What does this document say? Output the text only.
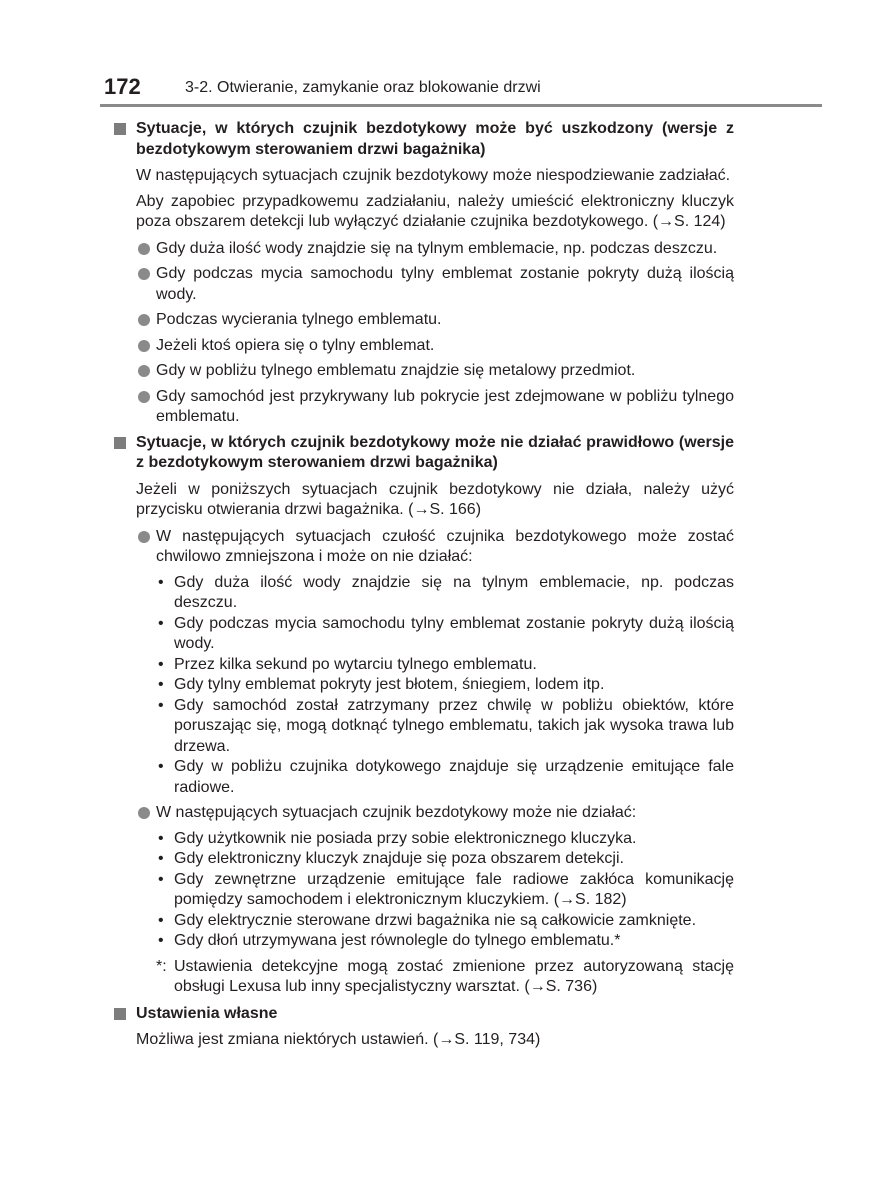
172	3-2. Otwieranie, zamykanie oraz blokowanie drzwi
Sytuacje, w których czujnik bezdotykowy może być uszkodzony (wersje z bezdotykowym sterowaniem drzwi bagażnika)
W następujących sytuacjach czujnik bezdotykowy może niespodziewanie zadziałać.
Aby zapobiec przypadkowemu zadziałaniu, należy umieścić elektroniczny kluczyk poza obszarem detekcji lub wyłączyć działanie czujnika bezdotykowego. (→S. 124)
Gdy duża ilość wody znajdzie się na tylnym emblemacie, np. podczas deszczu.
Gdy podczas mycia samochodu tylny emblemat zostanie pokryty dużą ilością wody.
Podczas wycierania tylnego emblematu.
Jeżeli ktoś opiera się o tylny emblemat.
Gdy w pobliżu tylnego emblematu znajdzie się metalowy przedmiot.
Gdy samochód jest przykrywany lub pokrycie jest zdejmowane w pobliżu tylnego emblematu.
Sytuacje, w których czujnik bezdotykowy może nie działać prawidłowo (wersje z bezdotykowym sterowaniem drzwi bagażnika)
Jeżeli w poniższych sytuacjach czujnik bezdotykowy nie działa, należy użyć przycisku otwierania drzwi bagażnika. (→S. 166)
W następujących sytuacjach czułość czujnika bezdotykowego może zostać chwilowo zmniejszona i może on nie działać:
• Gdy duża ilość wody znajdzie się na tylnym emblemacie, np. podczas deszczu.
• Gdy podczas mycia samochodu tylny emblemat zostanie pokryty dużą ilością wody.
• Przez kilka sekund po wytarciu tylnego emblematu.
• Gdy tylny emblemat pokryty jest błotem, śniegiem, lodem itp.
• Gdy samochód został zatrzymany przez chwilę w pobliżu obiektów, które poruszając się, mogą dotknąć tylnego emblematu, takich jak wysoka trawa lub drzewa.
• Gdy w pobliżu czujnika dotykowego znajduje się urządzenie emitujące fale radiowe.
W następujących sytuacjach czujnik bezdotykowy może nie działać:
• Gdy użytkownik nie posiada przy sobie elektronicznego kluczyka.
• Gdy elektroniczny kluczyk znajduje się poza obszarem detekcji.
• Gdy zewnętrzne urządzenie emitujące fale radiowe zakłóca komunikację pomiędzy samochodem i elektronicznym kluczykiem. (→S. 182)
• Gdy elektrycznie sterowane drzwi bagażnika nie są całkowicie zamknięte.
• Gdy dłoń utrzymywana jest równolegle do tylnego emblematu.*
*: Ustawienia detekcyjne mogą zostać zmienione przez autoryzowaną stację obsługi Lexusa lub inny specjalistyczny warsztat. (→S. 736)
Ustawienia własne
Możliwa jest zmiana niektórych ustawień. (→S. 119, 734)
